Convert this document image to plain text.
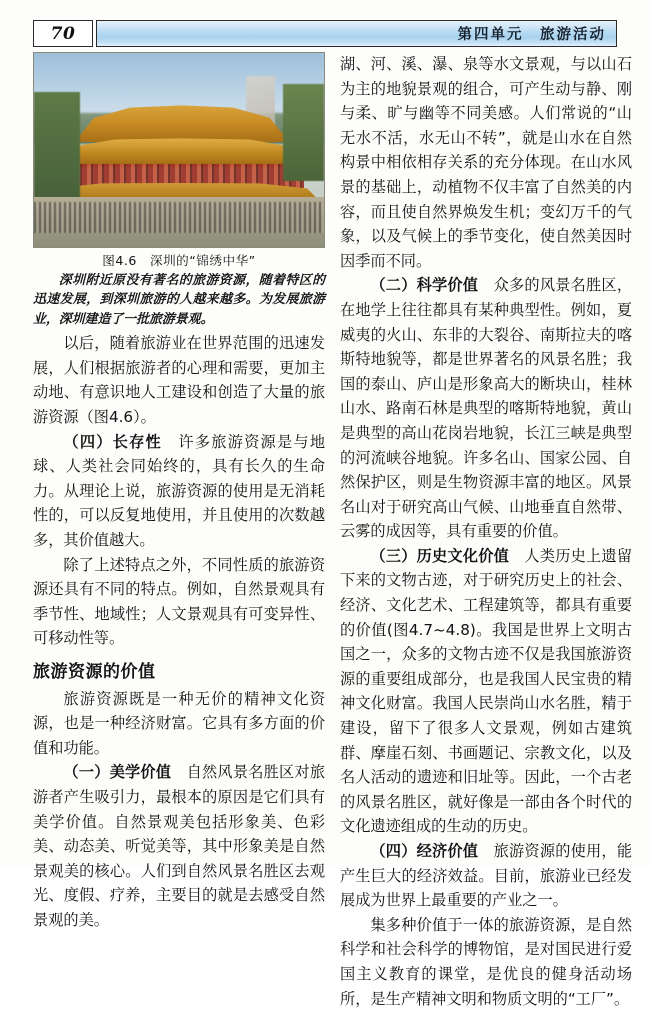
70	第四单元　旅游活动
图4.6　深圳的“锦绣中华”
深圳附近原没有著名的旅游资源，随着特区的迅速发展，到深圳旅游的人越来越多。为发展旅游业，深圳建造了一批旅游景观。

以后，随着旅游业在世界范围的迅速发展，人们根据旅游者的心理和需要，更加主动地、有意识地人工建设和创造了大量的旅游资源（图4.6）。

（四）长存性　 许多旅游资源是与地球、人类社会同始终的，具有长久的生命力。从理论上说，旅游资源的使用是无消耗性的，可以反复地使用，并且使用的次数越多，其价值越大。

除了上述特点之外，不同性质的旅游资源还具有不同的特点。例如，自然景观具有季节性、地域性；人文景观具有可变异性、可移动性等。

旅游资源的价值

旅游资源既是一种无价的精神文化资源，也是一种经济财富。它具有多方面的价值和功能。

（一）美学价值　 自然风景名胜区对旅游者产生吸引力，最根本的原因是它们具有美学价值。自然景观美包括形象美、色彩美、动态美、听觉美等，其中形象美是自然景观美的核心。人们到自然风景名胜区去观光、度假、疗养，主要目的就是去感受自然景观的美。

湖、河、溪、瀑、泉等水文景观，与以山石为主的地貌景观的组合，可产生动与静、刚与柔、旷与幽等不同美感。人们常说的“山无水不活，水无山不转”，就是山水在自然构景中相依相存关系的充分体现。在山水风景的基础上，动植物不仅丰富了自然美的内容，而且使自然界焕发生机；变幻万千的气象，以及气候上的季节变化，使自然美因时因季而不同。

（二）科学价值　 众多的风景名胜区，在地学上往往都具有某种典型性。例如，夏威夷的火山、东非的大裂谷、南斯拉夫的喀斯特地貌等，都是世界著名的风景名胜；我国的泰山、庐山是形象高大的断块山，桂林山水、路南石林是典型的喀斯特地貌，黄山是典型的高山花岗岩地貌，长江三峡是典型的河流峡谷地貌。许多名山、国家公园、自然保护区，则是生物资源丰富的地区。风景名山对于研究高山气候、山地垂直自然带、云雾的成因等，具有重要的价值。

（三）历史文化价值　 人类历史上遗留下来的文物古迹，对于研究历史上的社会、经济、文化艺术、工程建筑等，都具有重要的价值(图4.7~4.8)。我国是世界上文明古国之一，众多的文物古迹不仅是我国旅游资源的重要组成部分，也是我国人民宝贵的精神文化财富。我国人民崇尚山水名胜，精于建设，留下了很多人文景观，例如古建筑群、摩崖石刻、书画题记、宗教文化，以及名人活动的遗迹和旧址等。因此，一个古老的风景名胜区，就好像是一部由各个时代的文化遗迹组成的生动的历史。

（四）经济价值　 旅游资源的使用，能产生巨大的经济效益。目前，旅游业已经发展成为世界上最重要的产业之一。

集多种价值于一体的旅游资源，是自然科学和社会科学的博物馆，是对国民进行爱国主义教育的课堂，是优良的健身活动场所，是生产精神文明和物质文明的“工厂”。
